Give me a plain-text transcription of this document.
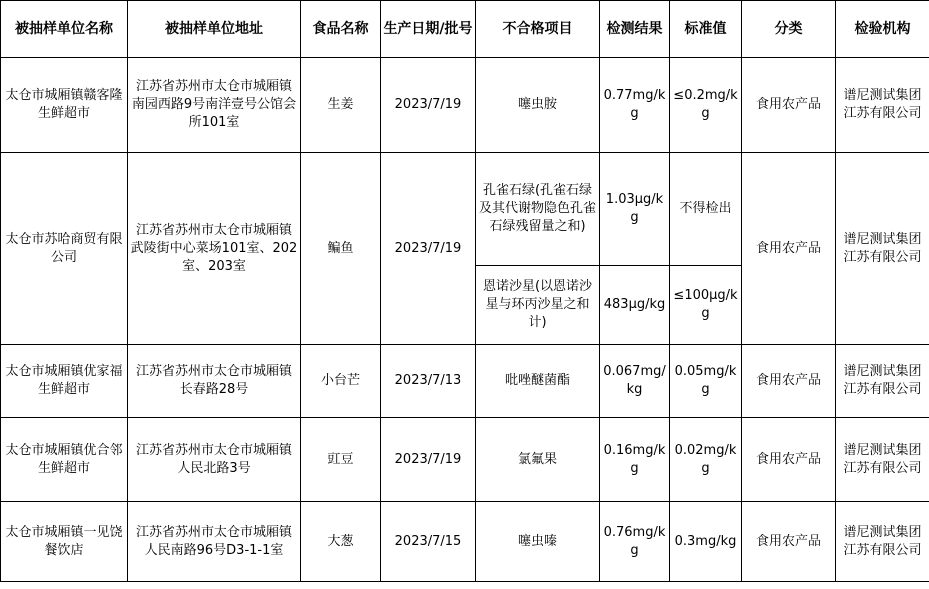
被抽样单位名称	被抽样单位地址	食品名称	生产日期/批号	不合格项目	检测结果	标准值	分类	检验机构
太仓市城厢镇赣客隆生鲜超市	江苏省苏州市太仓市城厢镇南园西路9号南洋壹号公馆会所101室	生姜	2023/7/19	噻虫胺	0.77mg/kg	≤0.2mg/kg	食用农产品	谱尼测试集团江苏有限公司
太仓市苏哈商贸有限公司	江苏省苏州市太仓市城厢镇武陵街中心菜场101室、202室、203室	鳊鱼	2023/7/19	孔雀石绿(孔雀石绿及其代谢物隐色孔雀石绿残留量之和)	1.03μg/kg	不得检出	食用农产品	谱尼测试集团江苏有限公司
				恩诺沙星(以恩诺沙星与环丙沙星之和计)	483μg/kg	≤100μg/kg		
太仓市城厢镇优家福生鲜超市	江苏省苏州市太仓市城厢镇长春路28号	小台芒	2023/7/13	吡唑醚菌酯	0.067mg/kg	0.05mg/kg	食用农产品	谱尼测试集团江苏有限公司
太仓市城厢镇优合邻生鲜超市	江苏省苏州市太仓市城厢镇人民北路3号	豇豆	2023/7/19	氯氟果	0.16mg/kg	0.02mg/kg	食用农产品	谱尼测试集团江苏有限公司
太仓市城厢镇一见饶餐饮店	江苏省苏州市太仓市城厢镇人民南路96号D3-1-1室	大葱	2023/7/15	噻虫嗪	0.76mg/kg	0.3mg/kg	食用农产品	谱尼测试集团江苏有限公司
